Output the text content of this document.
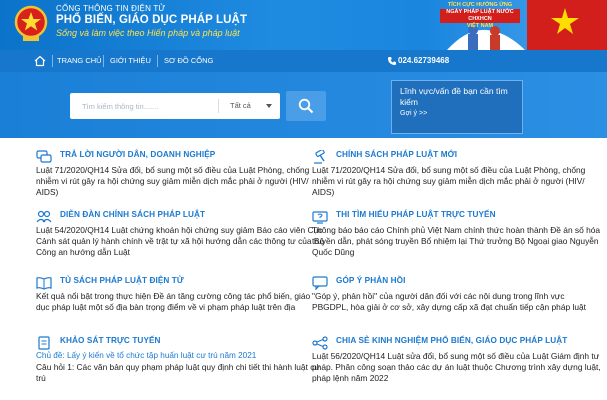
CỔNG THÔNG TIN ĐIỆN TỬ
PHỔ BIẾN, GIÁO DỤC PHÁP LUẬT
Sống và làm việc theo Hiến pháp và pháp luật
TÍCH CỰC HƯỞNG ỨNG
NGÀY PHÁP LUẬT NƯỚC CHXHCN
VIỆT NAM
TRANG CHỦ GIỚI THIỆU SƠ ĐỒ CỔNG	024.62739468
Tìm kiếm thông tin.......
Tất cả
Lĩnh vực/vấn đề bạn cần tìm kiếm
Gợi ý >>
TRẢ LỜI NGƯỜI DÂN, DOANH NGHIỆP
Luật 71/2020/QH14 Sửa đổi, bổ sung một số điều của Luật Phòng, chống nhiễm vi rút gây ra hội chứng suy giảm miễn dịch mắc phải ở người (HIV/ AIDS)
DIỄN ĐÀN CHÍNH SÁCH PHÁP LUẬT
Luật 54/2020/QH14 Luật chứng khoán hội chứng suy giảm Báo cáo viên Cục Cảnh sát quản lý hành chính về trật tự xã hội hướng dẫn các thông tư của Bộ Công an hướng dẫn Luật
TỦ SÁCH PHÁP LUẬT ĐIỆN TỬ
Kết quả nổi bật trong thực hiện Đề án tăng cường công tác phổ biến, giáo dục pháp luật một số địa bàn trọng điểm về vi phạm pháp luật trên địa
KHẢO SÁT TRỰC TUYẾN
Chủ đề: Lấy ý kiến về tổ chức tập huấn luật cư trú năm 2021
Câu hỏi 1: Các văn bản quy phạm pháp luật quy định chi tiết thi hành luật cư trú
CHÍNH SÁCH PHÁP LUẬT MỚI
Luật 71/2020/QH14 Sửa đổi, bổ sung một số điều của Luật Phòng, chống nhiễm vi rút gây ra hội chứng suy giảm miễn dịch mắc phải ở người (HIV/ AIDS)
THI TÌM HIỂU PHÁP LUẬT TRỰC TUYẾN
Thông báo báo cáo Chính phủ Việt Nam chính thức hoàn thành Đề án số hóa truyền dẫn, phát sóng truyền Bổ nhiệm lại Thứ trưởng Bộ Ngoại giao Nguyễn Quốc Dũng
GÓP Ý PHẢN HỒI
"Góp ý, phản hồi" của người dân đối với các nội dung trong lĩnh vực PBGDPL, hòa giải ở cơ sở, xây dựng cấp xã đạt chuẩn tiếp cận pháp luật
CHIA SẺ KINH NGHIỆM PHỔ BIẾN, GIÁO DỤC PHÁP LUẬT
Luật 56/2020/QH14 Luật sửa đổi, bổ sung một số điều của Luật Giám định tư pháp. Phân công soạn thảo các dự án luật thuộc Chương trình xây dựng luật, pháp lệnh năm 2022
